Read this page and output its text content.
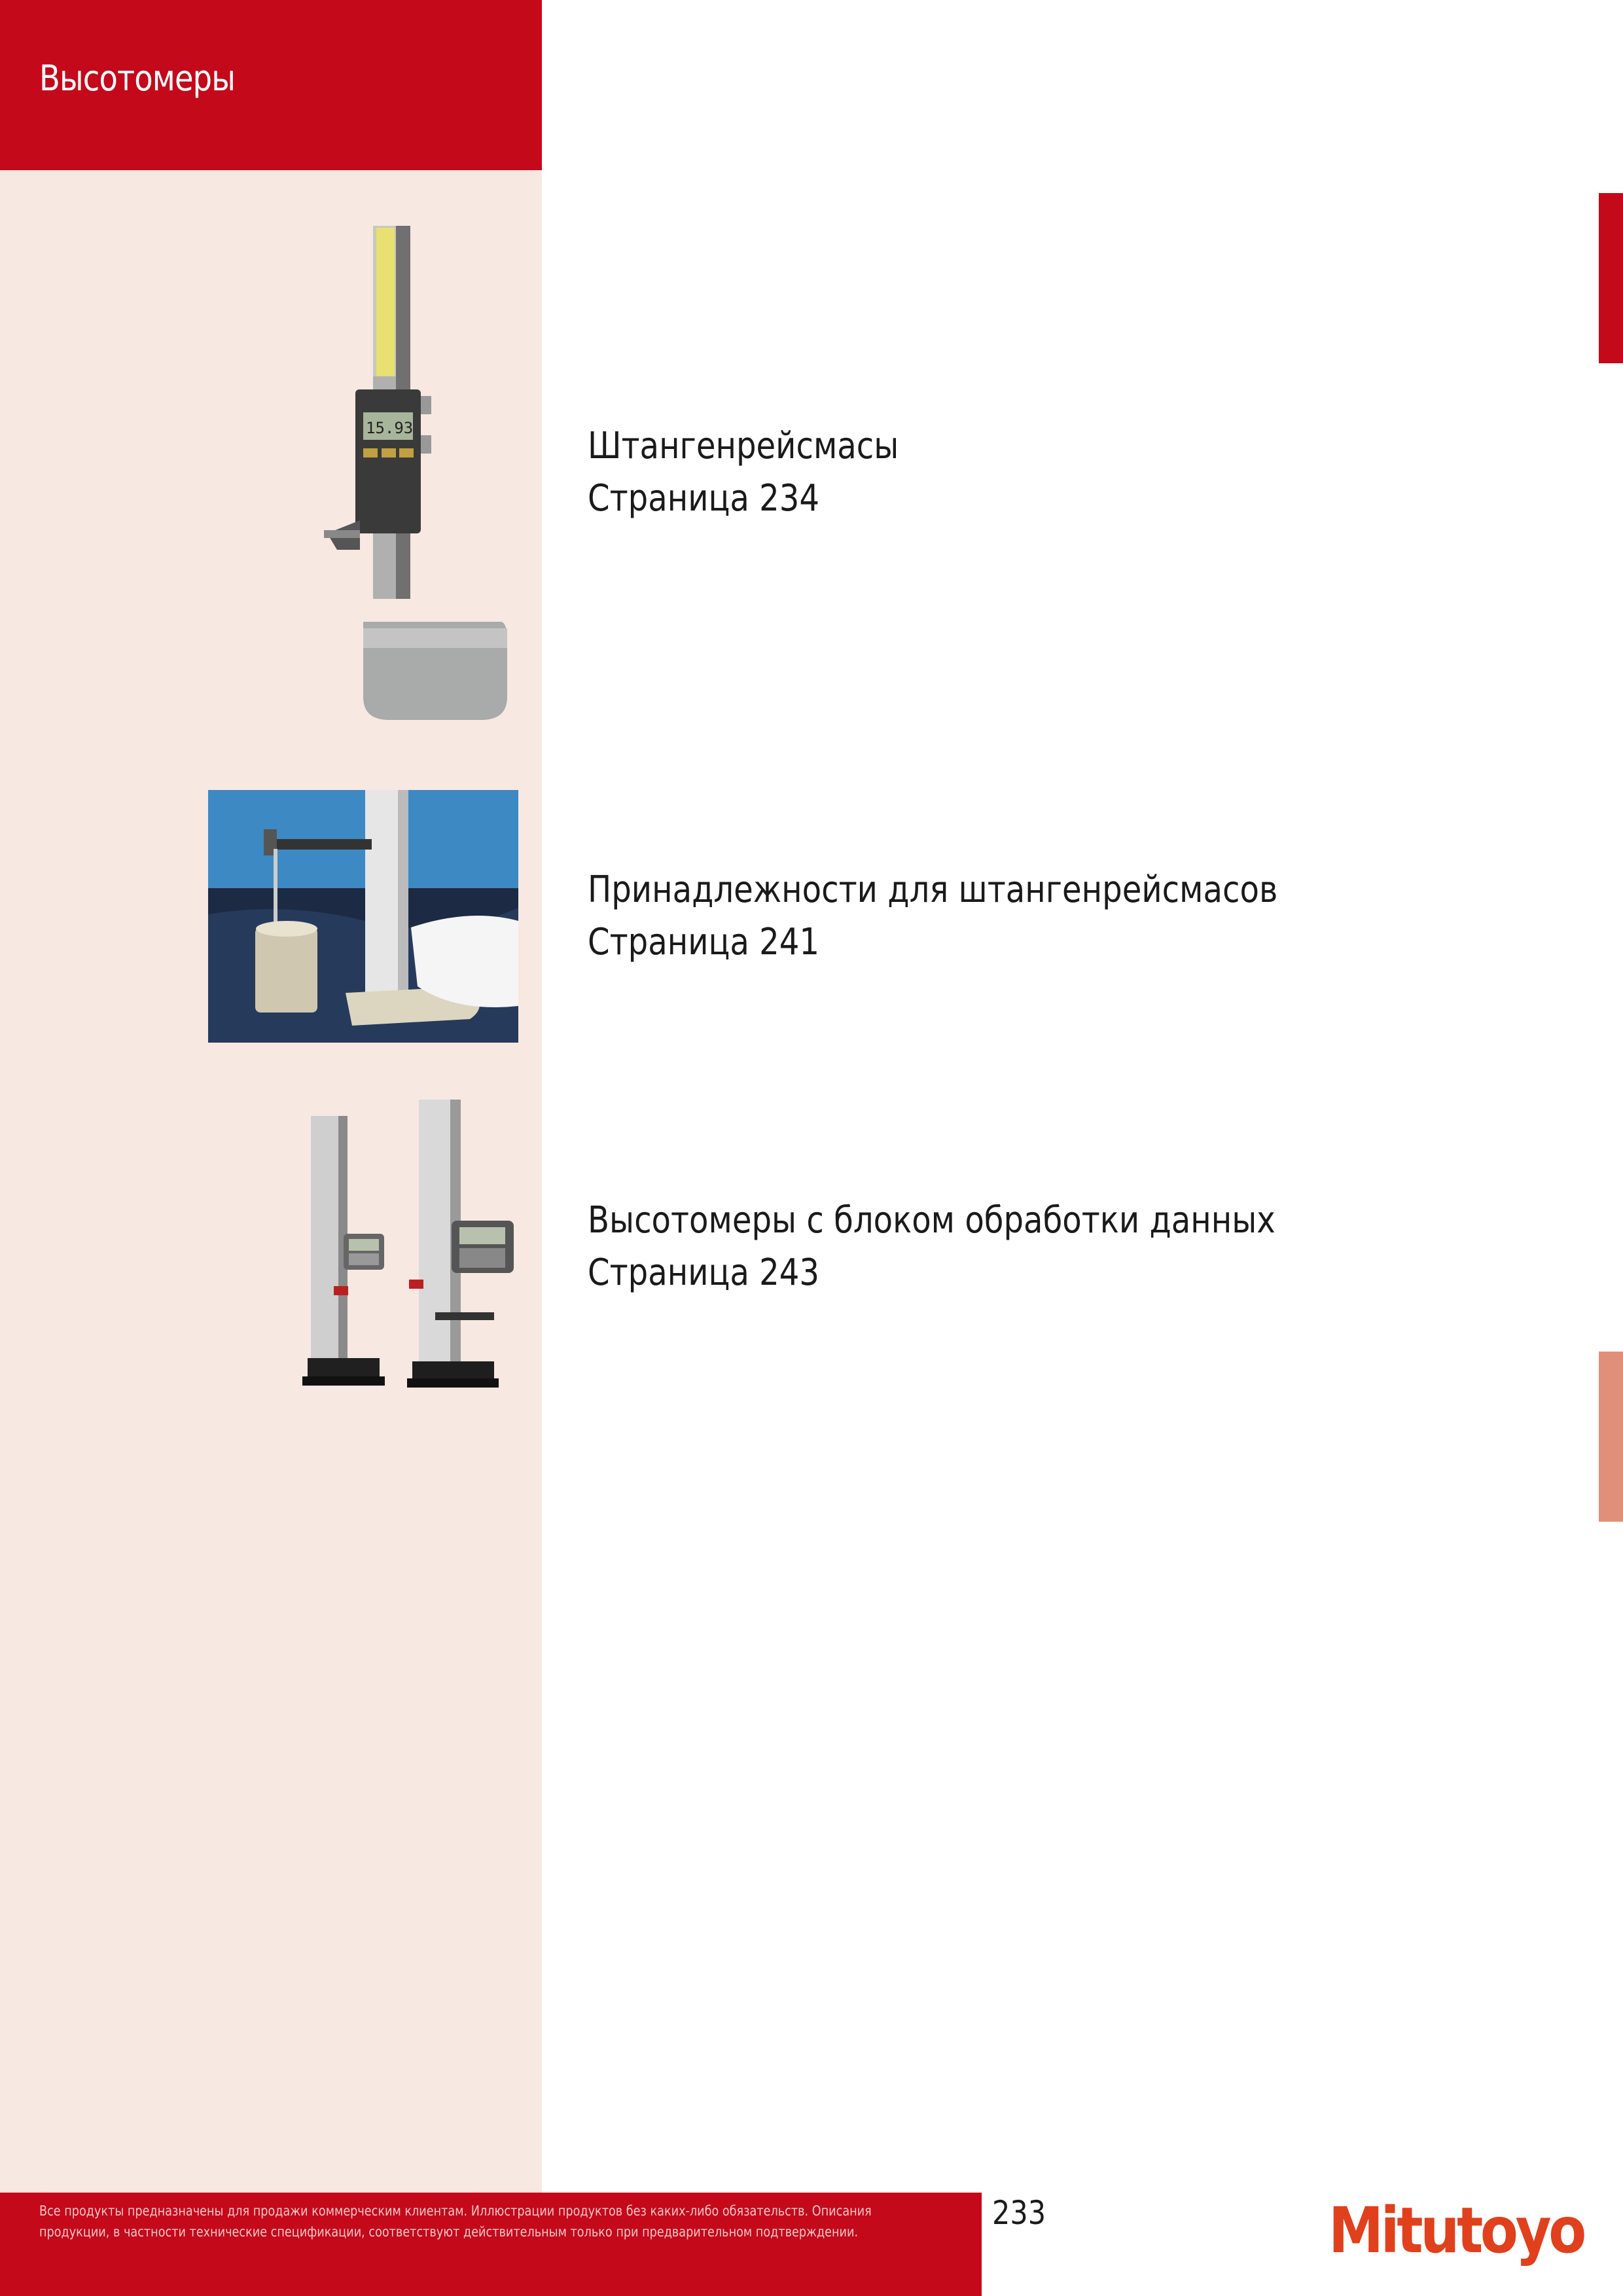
Высотомеры
15.93	Штангенрейсмасы
Страница 234
Принадлежности для штангенрейсмасов
Страница 241
Высотомеры с блоком обработки данных
Страница 243
Все продукты предназначены для продажи коммерческим клиентам. Иллюстрации продуктов без каких-либо обязательств. Описания продукции, в частности технические спецификации, соответствуют действительным только при предварительном подтверждении.	233	Mitutoyo
